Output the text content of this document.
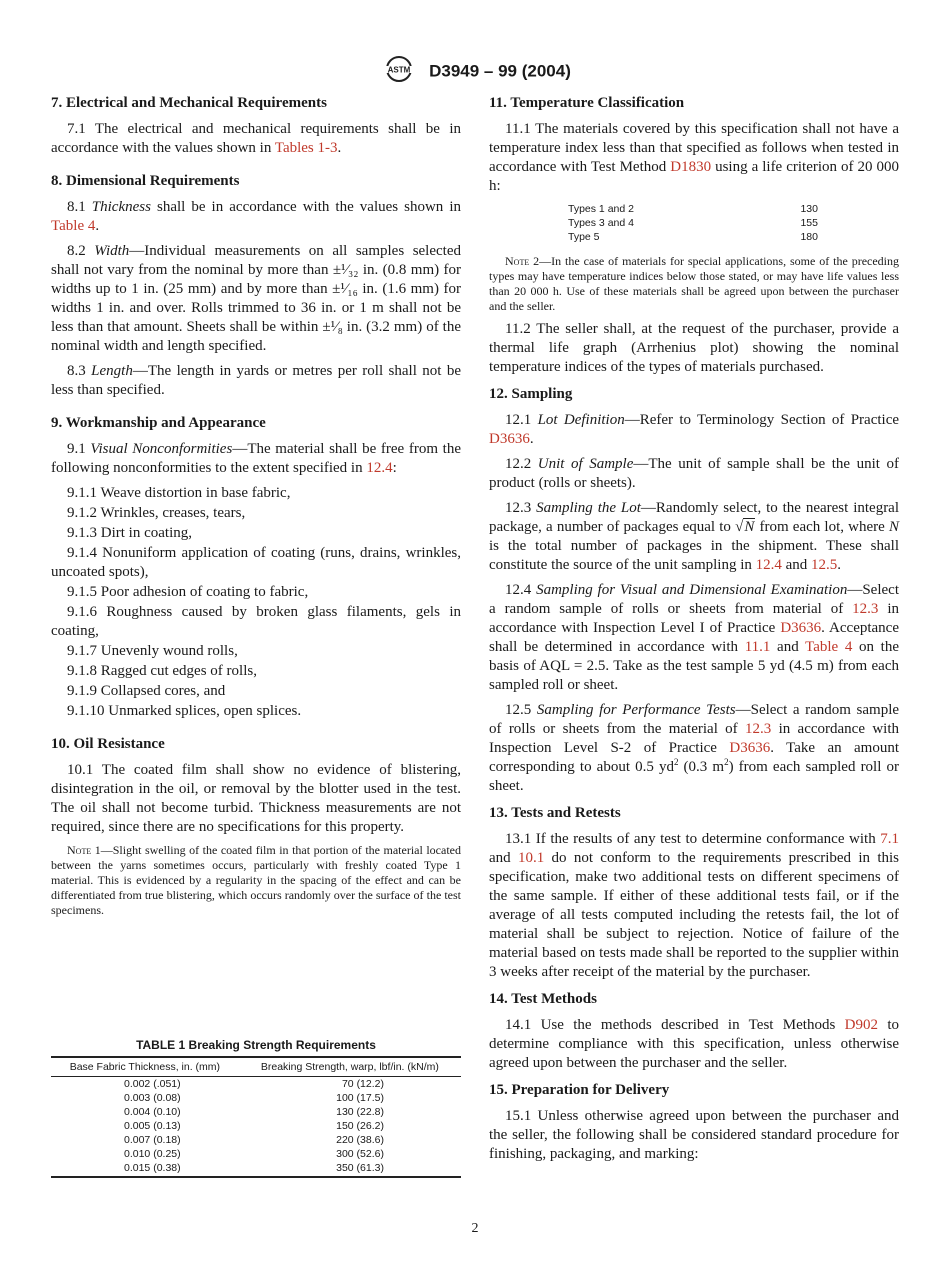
ASTM D3949 – 99 (2004)
7. Electrical and Mechanical Requirements

7.1 The electrical and mechanical requirements shall be in accordance with the values shown in Tables 1-3.

8. Dimensional Requirements

8.1 Thickness shall be in accordance with the values shown in Table 4.

8.2 Width—Individual measurements on all samples selected shall not vary from the nominal by more than ±¹⁄₃₂ in. (0.8 mm) for widths up to 1 in. (25 mm) and by more than ±¹⁄₁₆ in. (1.6 mm) for widths 1 in. and over. Rolls trimmed to 36 in. or 1 m shall not be less than that amount. Sheets shall be within ±¹⁄₈ in. (3.2 mm) of the nominal width and length specified.

8.3 Length—The length in yards or metres per roll shall not be less than specified.

9. Workmanship and Appearance

9.1 Visual Nonconformities—The material shall be free from the following nonconformities to the extent specified in 12.4:

9.1.1 Weave distortion in base fabric,

9.1.2 Wrinkles, creases, tears,

9.1.3 Dirt in coating,

9.1.4 Nonuniform application of coating (runs, drains, wrinkles, uncoated spots),

9.1.5 Poor adhesion of coating to fabric,

9.1.6 Roughness caused by broken glass filaments, gels in coating,

9.1.7 Unevenly wound rolls,

9.1.8 Ragged cut edges of rolls,

9.1.9 Collapsed cores, and

9.1.10 Unmarked splices, open splices.

10. Oil Resistance

10.1 The coated film shall show no evidence of blistering, disintegration in the oil, or removal by the blotter used in the test. The oil shall not become turbid. Thickness measurements are not required, since there are no specifications for this property.

Note 1—Slight swelling of the coated film in that portion of the material located between the yarns sometimes occurs, particularly with freshly coated Type 1 material. This is evidenced by a regularity in the spacing of the effect and can be differentiated from true blistering, which occurs randomly over the surface of the test specimens.

TABLE 1 Breaking Strength Requirements
Base Fabric Thickness, in. (mm)	Breaking Strength, warp, lbf/in. (kN/m)
0.002 (.051)	70 (12.2)
0.003 (0.08)	100 (17.5)
0.004 (0.10)	130 (22.8)
0.005 (0.13)	150 (26.2)
0.007 (0.18)	220 (38.6)
0.010 (0.25)	300 (52.6)
0.015 (0.38)	350 (61.3)
11. Temperature Classification

11.1 The materials covered by this specification shall not have a temperature index less than that specified as follows when tested in accordance with Test Method D1830 using a life criterion of 20 000 h:

Types 1 and 2	130
Types 3 and 4	155
Type 5	180

Note 2—In the case of materials for special applications, some of the preceding types may have temperature indices below those stated, or may have life values less than 20 000 h. Use of these materials shall be agreed upon between the purchaser and the seller.

11.2 The seller shall, at the request of the purchaser, provide a thermal life graph (Arrhenius plot) showing the nominal temperature indices of the types of materials purchased.

12. Sampling

12.1 Lot Definition—Refer to Terminology Section of Practice D3636.

12.2 Unit of Sample—The unit of sample shall be the unit of product (rolls or sheets).

12.3 Sampling the Lot—Randomly select, to the nearest integral package, a number of packages equal to √N from each lot, where N is the total number of packages in the shipment. These shall constitute the source of the unit sampling in 12.4 and 12.5.

12.4 Sampling for Visual and Dimensional Examination—Select a random sample of rolls or sheets from material of 12.3 in accordance with Inspection Level I of Practice D3636. Acceptance shall be determined in accordance with 11.1 and Table 4 on the basis of AQL = 2.5. Take as the test sample 5 yd (4.5 m) from each sampled roll or sheet.

12.5 Sampling for Performance Tests—Select a random sample of rolls or sheets from the material of 12.3 in accordance with Inspection Level S-2 of Practice D3636. Take an amount corresponding to about 0.5 $yd^2$ (0.3 $m^2$) from each sampled roll or sheet.

13. Tests and Retests

13.1 If the results of any test to determine conformance with 7.1 and 10.1 do not conform to the requirements prescribed in this specification, make two additional tests on different specimens of the same sample. If either of these additional tests fail, or if the average of all tests computed including the retests fail, the lot of material shall be subject to rejection. Notice of failure of the material based on tests made shall be reported to the supplier within 3 weeks after receipt of the material by the purchaser.

14. Test Methods

14.1 Use the methods described in Test Methods D902 to determine compliance with this specification, unless otherwise agreed upon between the purchaser and the seller.

15. Preparation for Delivery

15.1 Unless otherwise agreed upon between the purchaser and the seller, the following shall be considered standard procedure for finishing, packaging, and marking:

2
